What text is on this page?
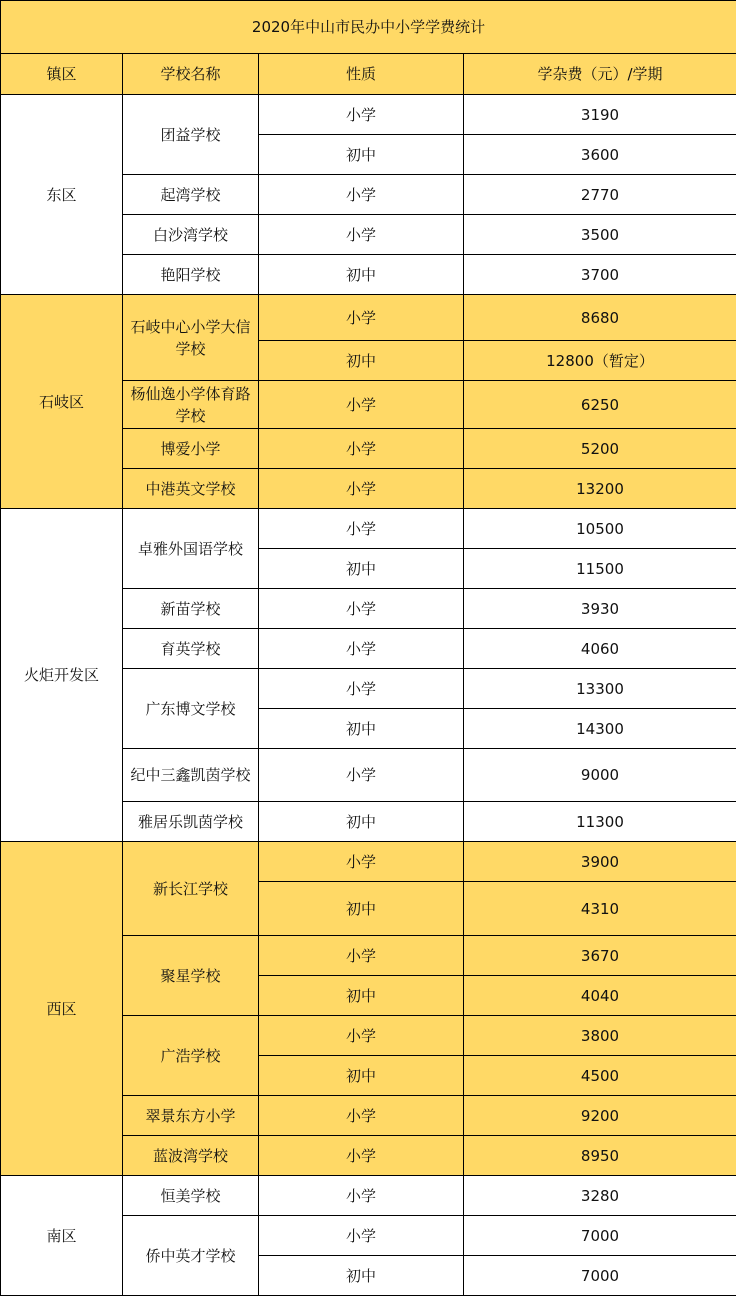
2020年中山市民办中小学学费统计			
镇区	学校名称	性质	学杂费（元）/学期
东区	团益学校	小学	3190
		初中	3600
	起湾学校	小学	2770
	白沙湾学校	小学	3500
	艳阳学校	初中	3700
石岐区	石岐中心小学大信学校	小学	8680
		初中	12800（暂定）
	杨仙逸小学体育路学校	小学	6250
	博爱小学	小学	5200
	中港英文学校	小学	13200
火炬开发区	卓雅外国语学校	小学	10500
		初中	11500
	新苗学校	小学	3930
	育英学校	小学	4060
	广东博文学校	小学	13300
		初中	14300
	纪中三鑫凯茵学校	小学	9000
	雅居乐凯茵学校	初中	11300
西区	新长江学校	小学	3900
		初中	4310
	聚星学校	小学	3670
		初中	4040
	广浩学校	小学	3800
		初中	4500
	翠景东方小学	小学	9200
	蓝波湾学校	小学	8950
南区	恒美学校	小学	3280
	侨中英才学校	小学	7000
		初中	7000
